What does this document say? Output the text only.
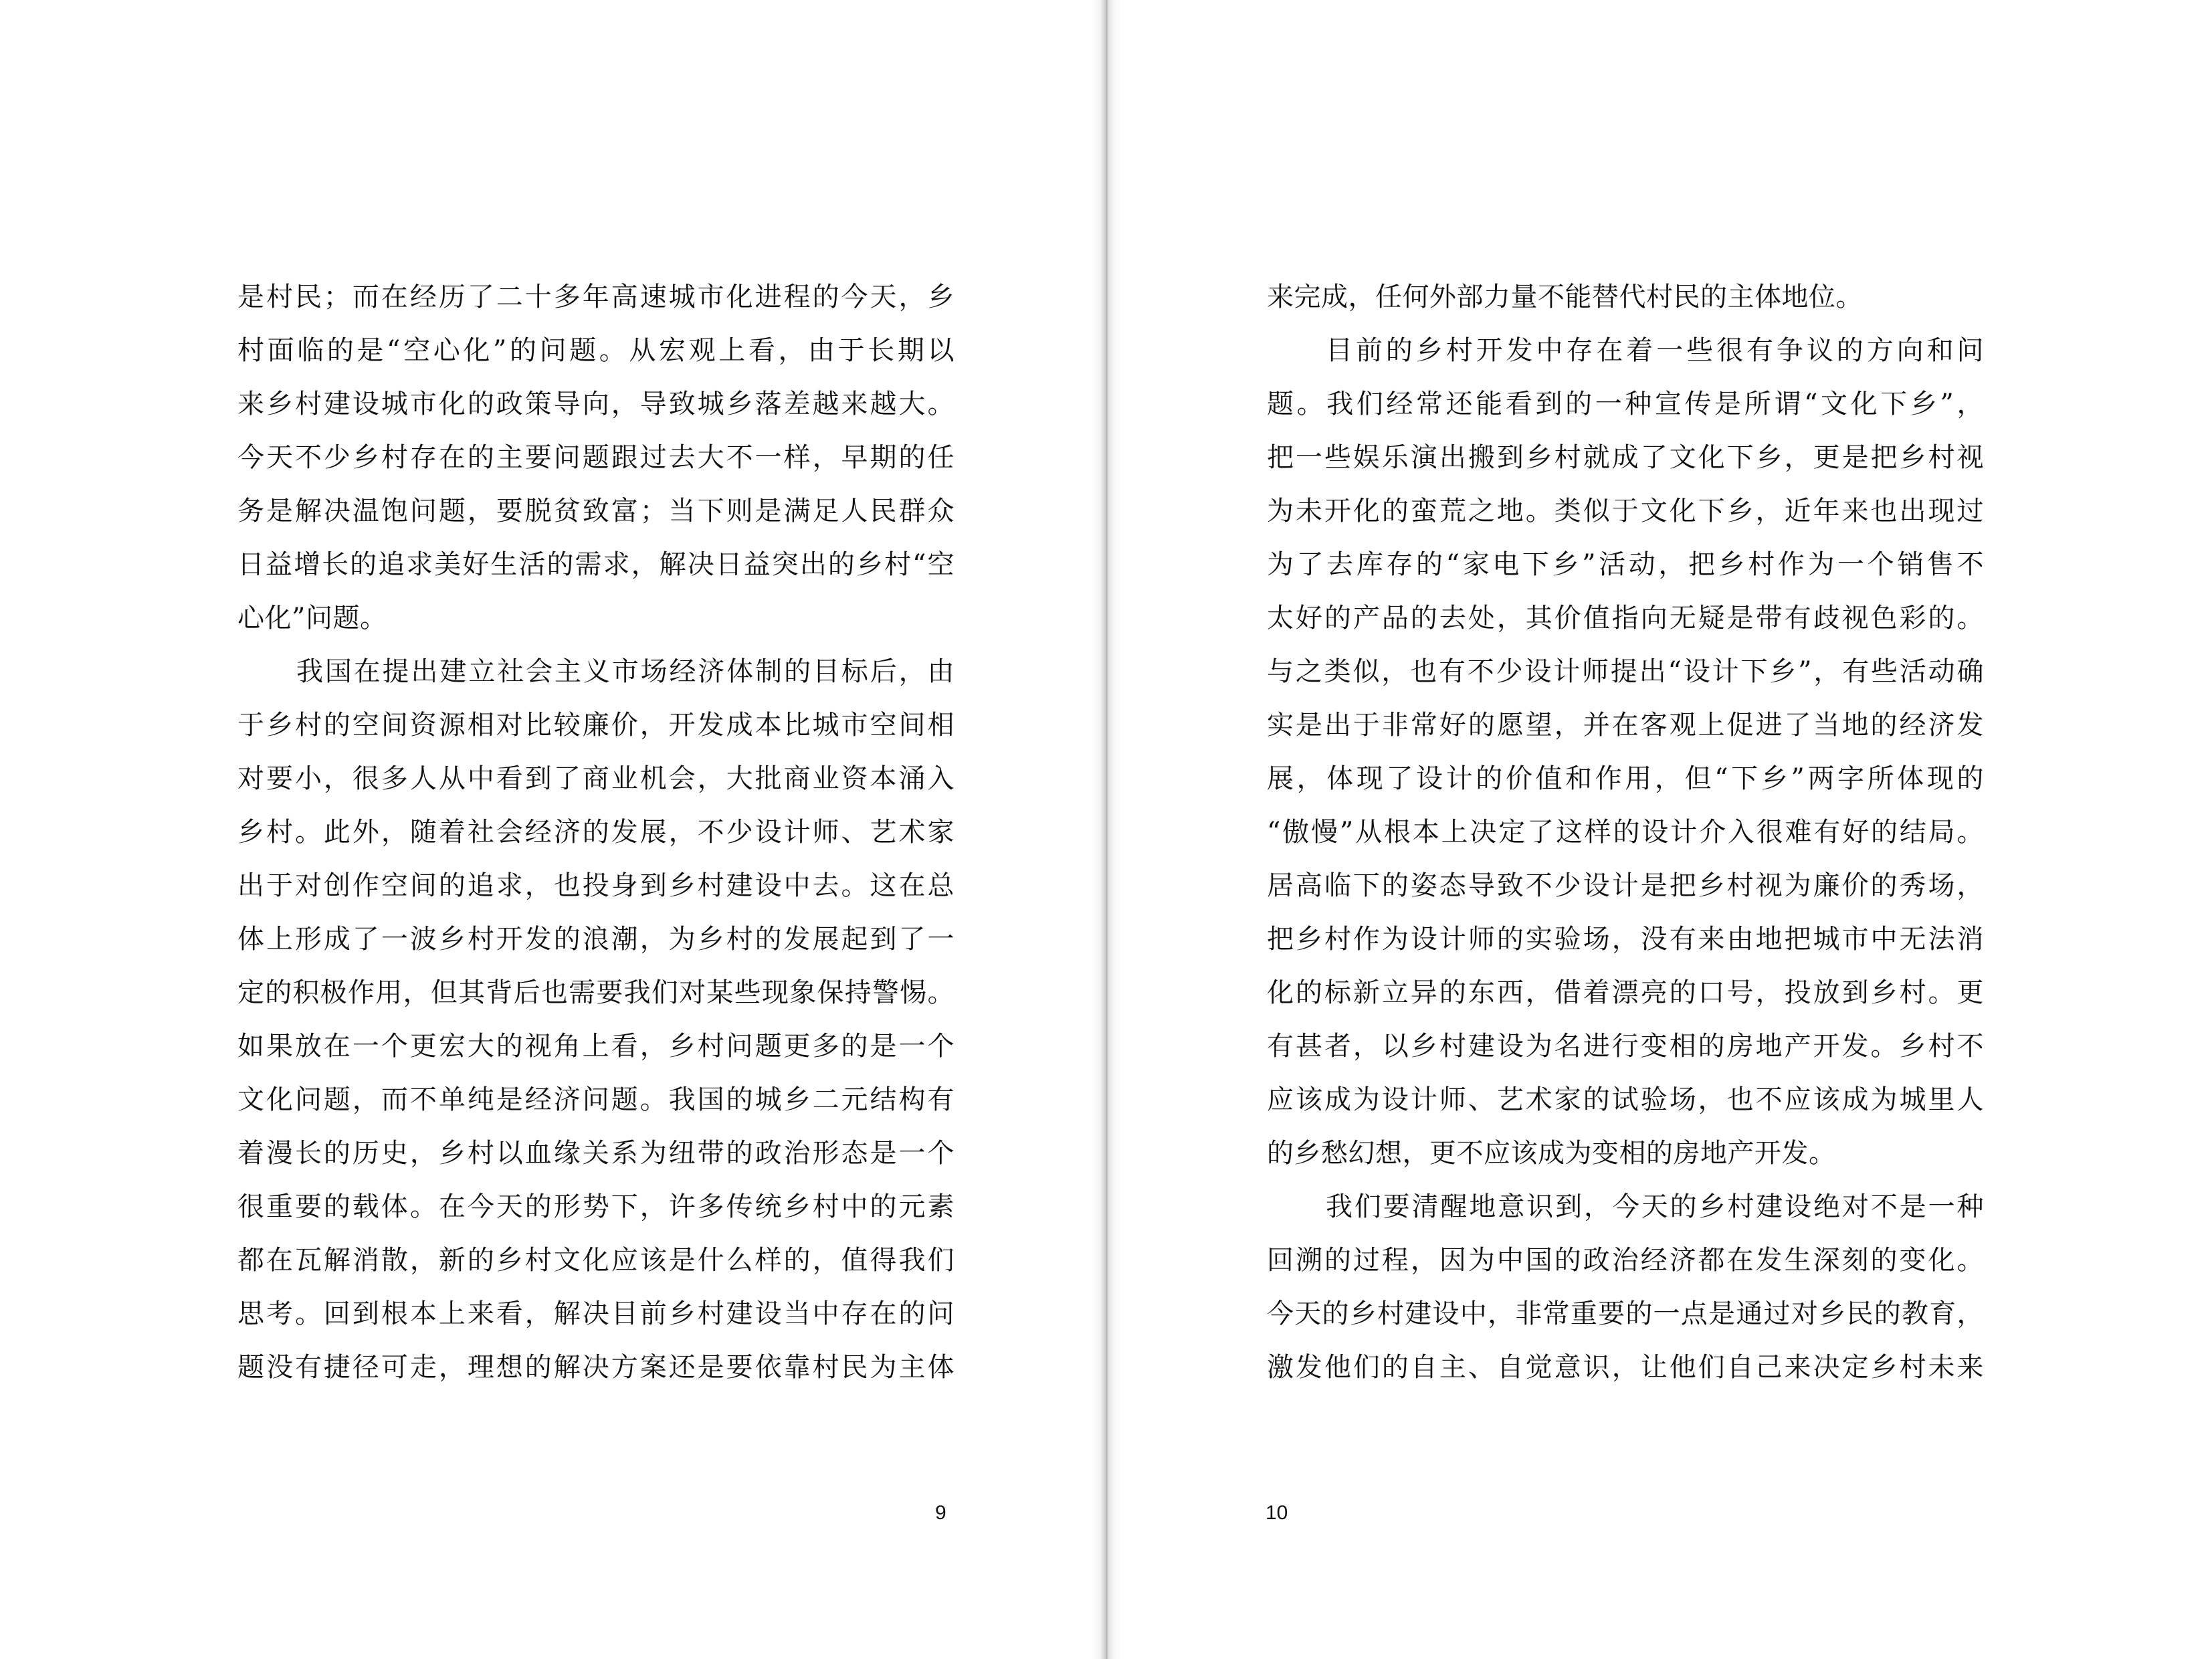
是村民；而在经历了二十多年高速城市化进程的今天，乡
村面临的是“空心化”的问题。从宏观上看，由于长期以
来乡村建设城市化的政策导向，导致城乡落差越来越大。
今天不少乡村存在的主要问题跟过去大不一样，早期的任
务是解决温饱问题，要脱贫致富；当下则是满足人民群众
日益增长的追求美好生活的需求，解决日益突出的乡村“空
心化”问题。
我国在提出建立社会主义市场经济体制的目标后，由
于乡村的空间资源相对比较廉价，开发成本比城市空间相
对要小，很多人从中看到了商业机会，大批商业资本涌入
乡村。此外，随着社会经济的发展，不少设计师、艺术家
出于对创作空间的追求，也投身到乡村建设中去。这在总
体上形成了一波乡村开发的浪潮，为乡村的发展起到了一
定的积极作用，但其背后也需要我们对某些现象保持警惕。
如果放在一个更宏大的视角上看，乡村问题更多的是一个
文化问题，而不单纯是经济问题。我国的城乡二元结构有
着漫长的历史，乡村以血缘关系为纽带的政治形态是一个
很重要的载体。在今天的形势下，许多传统乡村中的元素
都在瓦解消散，新的乡村文化应该是什么样的，值得我们
思考。回到根本上来看，解决目前乡村建设当中存在的问
题没有捷径可走，理想的解决方案还是要依靠村民为主体
9
来完成，任何外部力量不能替代村民的主体地位。
目前的乡村开发中存在着一些很有争议的方向和问
题。我们经常还能看到的一种宣传是所谓“文化下乡”，
把一些娱乐演出搬到乡村就成了文化下乡，更是把乡村视
为未开化的蛮荒之地。类似于文化下乡，近年来也出现过
为了去库存的“家电下乡”活动，把乡村作为一个销售不
太好的产品的去处，其价值指向无疑是带有歧视色彩的。
与之类似，也有不少设计师提出“设计下乡”，有些活动确
实是出于非常好的愿望，并在客观上促进了当地的经济发
展，体现了设计的价值和作用，但“下乡”两字所体现的
“傲慢”从根本上决定了这样的设计介入很难有好的结局。
居高临下的姿态导致不少设计是把乡村视为廉价的秀场，
把乡村作为设计师的实验场，没有来由地把城市中无法消
化的标新立异的东西，借着漂亮的口号，投放到乡村。更
有甚者，以乡村建设为名进行变相的房地产开发。乡村不
应该成为设计师、艺术家的试验场，也不应该成为城里人
的乡愁幻想，更不应该成为变相的房地产开发。
我们要清醒地意识到，今天的乡村建设绝对不是一种
回溯的过程，因为中国的政治经济都在发生深刻的变化。
今天的乡村建设中，非常重要的一点是通过对乡民的教育，
激发他们的自主、自觉意识，让他们自己来决定乡村未来
10
